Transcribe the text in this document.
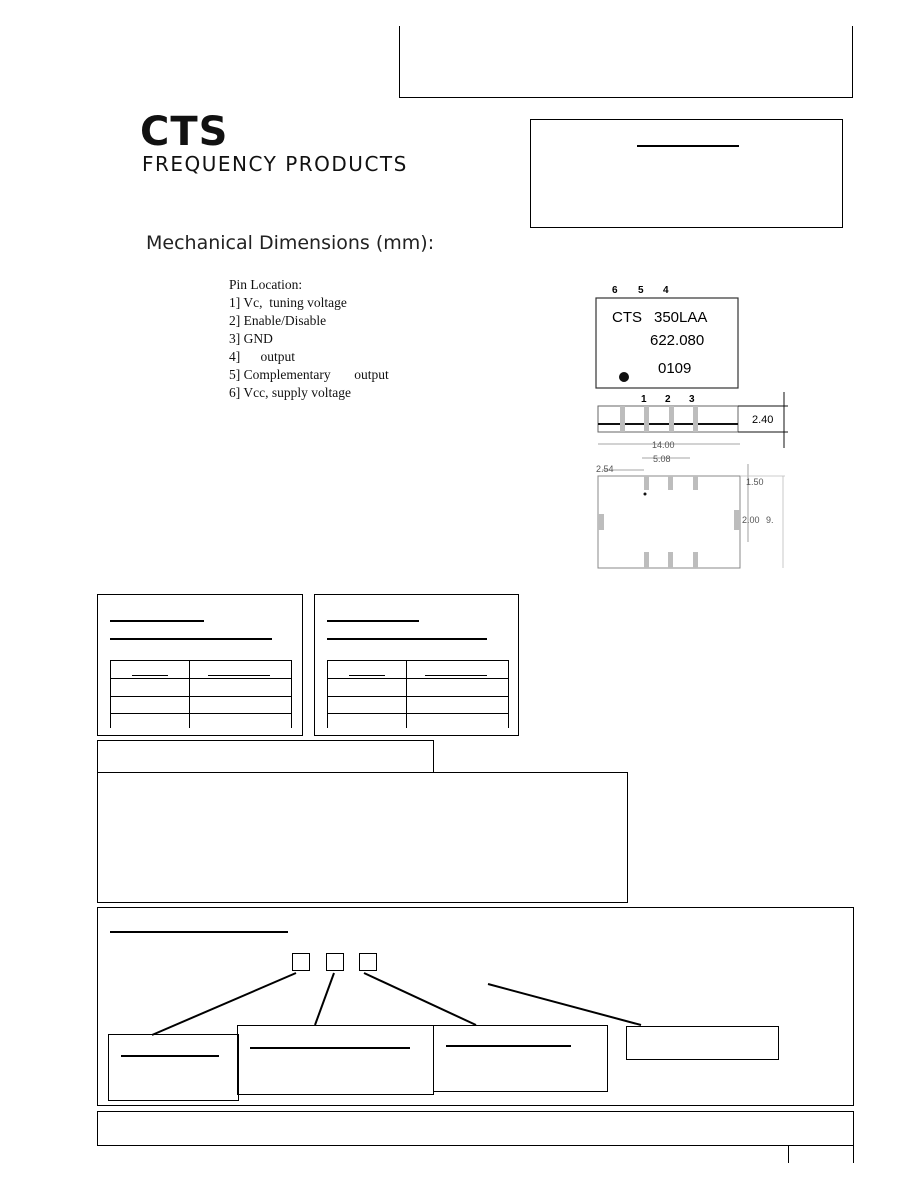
CTS
FREQUENCY PRODUCTS
Mechanical Dimensions (mm):
Pin Location:
1] Vc,  tuning voltage
2] Enable/Disable
3] GND
4]      output
5] Complementary       output
6] Vcc, supply voltage
6 5 4
CTS 350LAA
622.080
0109
1 2 3
2.40
14.00
5.08
2.54
1.50
2.00 9.
